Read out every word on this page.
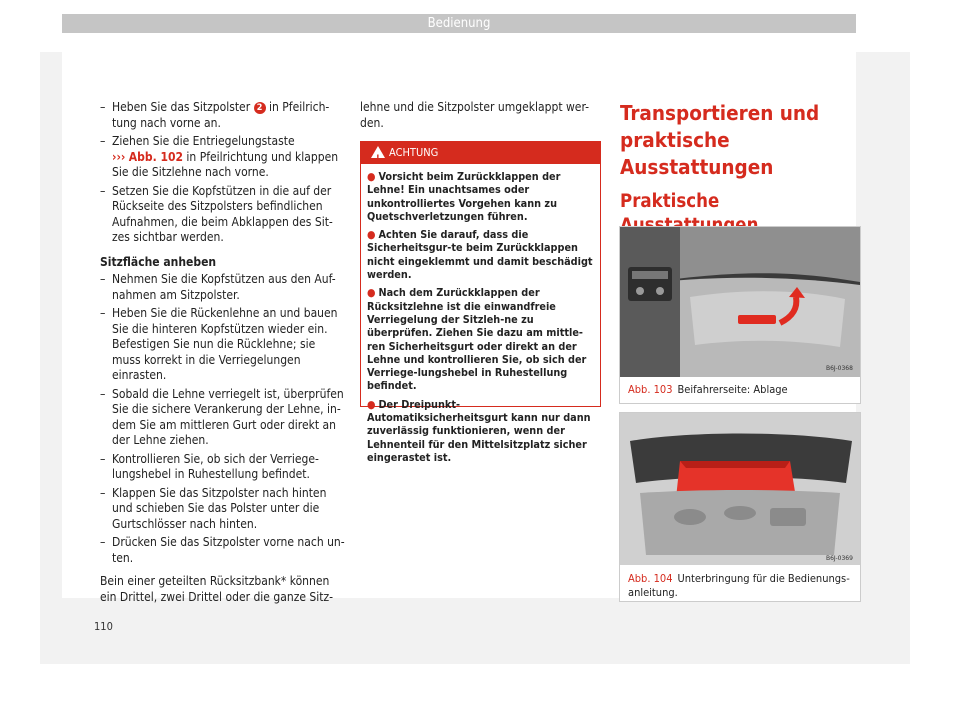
Bedienung
– Heben Sie das Sitzpolster 2 in Pfeilrich-
tung nach vorne an.
– Ziehen Sie die Entriegelungstaste
››› Abb. 102 in Pfeilrichtung und klappen
Sie die Sitzlehne nach vorne.
– Setzen Sie die Kopfstützen in die auf der Rückseite des Sitzpolsters befindlichen Aufnahmen, die beim Abklappen des Sit-zes sichtbar werden.
Sitzfläche anheben
– Nehmen Sie die Kopfstützen aus den Auf-nahmen am Sitzpolster.
– Heben Sie die Rückenlehne an und bauen Sie die hinteren Kopfstützen wieder ein. Befestigen Sie nun die Rücklehne; sie muss korrekt in die Verriegelungen einrasten.
– Sobald die Lehne verriegelt ist, überprüfen Sie die sichere Verankerung der Lehne, in-dem Sie am mittleren Gurt oder direkt an der Lehne ziehen.
– Kontrollieren Sie, ob sich der Verriege-lungshebel in Ruhestellung befindet.
– Klappen Sie das Sitzpolster nach hinten und schieben Sie das Polster unter die Gurtschlösser nach hinten.
– Drücken Sie das Sitzpolster vorne nach un-ten.

Bein einer geteilten Rücksitzbank* können ein Drittel, zwei Drittel oder die ganze Sitz-

lehne und die Sitzpolster umgeklappt wer-den.

! ACHTUNG
● Vorsicht beim Zurückklappen der Lehne! Ein unachtsames oder unkontrolliertes Vorgehen kann zu Quetschverletzungen führen.
● Achten Sie darauf, dass die Sicherheitsgur-te beim Zurückklappen nicht eingeklemmt und damit beschädigt werden.
● Nach dem Zurückklappen der Rücksitzlehne ist die einwandfreie Verriegelung der Sitzleh-ne zu überprüfen. Ziehen Sie dazu am mittle-ren Sicherheitsgurt oder direkt an der Lehne und kontrollieren Sie, ob sich der Verriege-lungshebel in Ruhestellung befindet.
● Der Dreipunkt-Automatiksicherheitsgurt kann nur dann zuverlässig funktionieren, wenn der Lehnenteil für den Mittelsitzplatz sicher eingerastet ist.
Transportieren und praktische Ausstattungen
Praktische
B6J-0368
Abb. 103 Beifahrerseite: Ablage
B6J-0369
Abb. 104 Unterbringung für die Bedienungs-anleitung.
110
